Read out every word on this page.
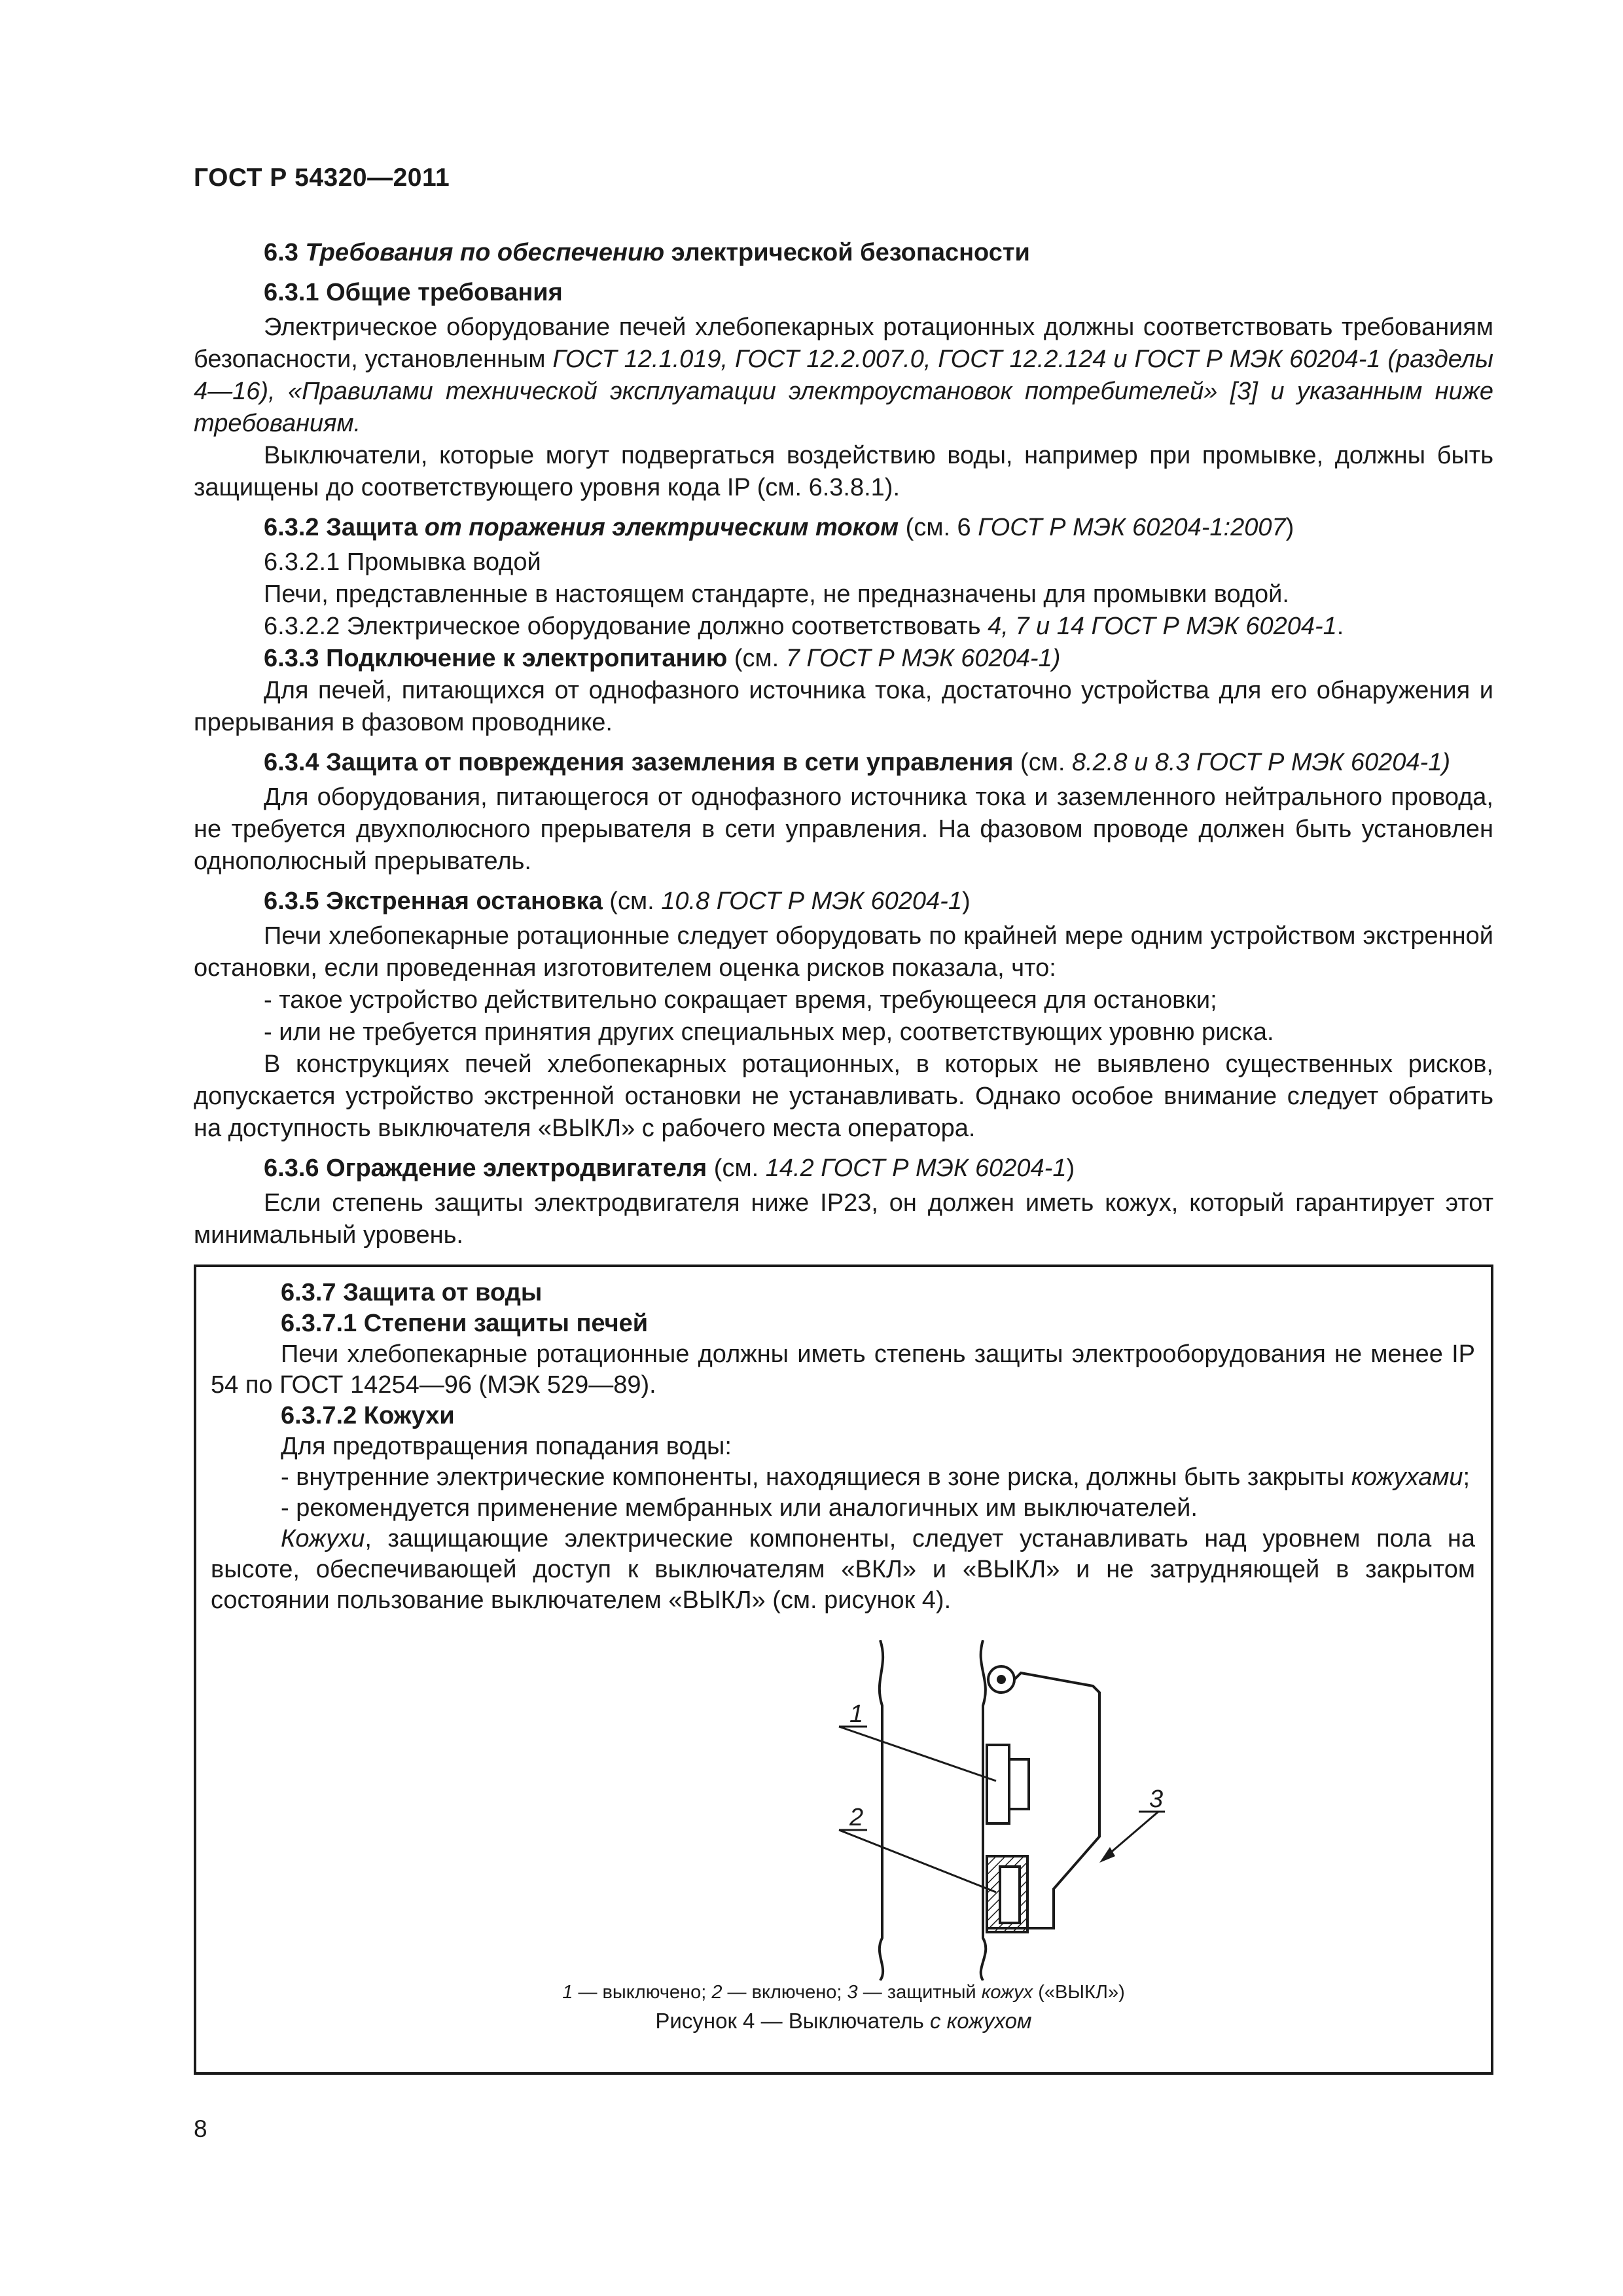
ГОСТ Р 54320—2011

6.3 Требования по обеспечению электрической безопасности

6.3.1 Общие требования

Электрическое оборудование печей хлебопекарных ротационных должны соответствовать требованиям безопасности, установленным ГОСТ 12.1.019, ГОСТ 12.2.007.0, ГОСТ 12.2.124 и ГОСТ Р МЭК 60204-1 (разделы 4—16), «Правилами технической эксплуатации электроустановок потребителей» [3] и указанным ниже требованиям.

Выключатели, которые могут подвергаться воздействию воды, например при промывке, должны быть защищены до соответствующего уровня кода IP (см. 6.3.8.1).

6.3.2 Защита от поражения электрическим током (см. 6 ГОСТ Р МЭК 60204-1:2007)

6.3.2.1 Промывка водой

Печи, представленные в настоящем стандарте, не предназначены для промывки водой.

6.3.2.2 Электрическое оборудование должно соответствовать 4, 7 и 14 ГОСТ Р МЭК 60204-1.

6.3.3 Подключение к электропитанию (см. 7 ГОСТ Р МЭК 60204-1)

Для печей, питающихся от однофазного источника тока, достаточно устройства для его обнаружения и прерывания в фазовом проводнике.

6.3.4 Защита от повреждения заземления в сети управления (см. 8.2.8 и 8.3 ГОСТ Р МЭК 60204-1)

Для оборудования, питающегося от однофазного источника тока и заземленного нейтрального провода, не требуется двухполюсного прерывателя в сети управления. На фазовом проводе должен быть установлен однополюсный прерыватель.

6.3.5 Экстренная остановка (см. 10.8 ГОСТ Р МЭК 60204-1)

Печи хлебопекарные ротационные следует оборудовать по крайней мере одним устройством экстренной остановки, если проведенная изготовителем оценка рисков показала, что:

- такое устройство действительно сокращает время, требующееся для остановки;

- или не требуется принятия других специальных мер, соответствующих уровню риска.

В конструкциях печей хлебопекарных ротационных, в которых не выявлено существенных рисков, допускается устройство экстренной остановки не устанавливать. Однако особое внимание следует обратить на доступность выключателя «ВЫКЛ» с рабочего места оператора.

6.3.6 Ограждение электродвигателя (см. 14.2 ГОСТ Р МЭК 60204-1)

Если степень защиты электродвигателя ниже IP23, он должен иметь кожух, который гарантирует этот минимальный уровень.

6.3.7 Защита от воды

6.3.7.1 Степени защиты печей

Печи хлебопекарные ротационные должны иметь степень защиты электрооборудования не менее IP 54 по ГОСТ 14254—96 (МЭК 529—89).

6.3.7.2 Кожухи

Для предотвращения попадания воды:

- внутренние электрические компоненты, находящиеся в зоне риска, должны быть закрыты кожухами;

- рекомендуется применение мембранных или аналогичных им выключателей.

Кожухи, защищающие электрические компоненты, следует устанавливать над уровнем пола на высоте, обеспечивающей доступ к выключателям «ВКЛ» и «ВЫКЛ» и не затрудняющей в закрытом состоянии пользование выключателем «ВЫКЛ» (см. рисунок 4).

1
2
3
1 — выключено; 2 — включено; 3 — защитный кожух («ВЫКЛ»)
Рисунок 4 — Выключатель с кожухом
8
